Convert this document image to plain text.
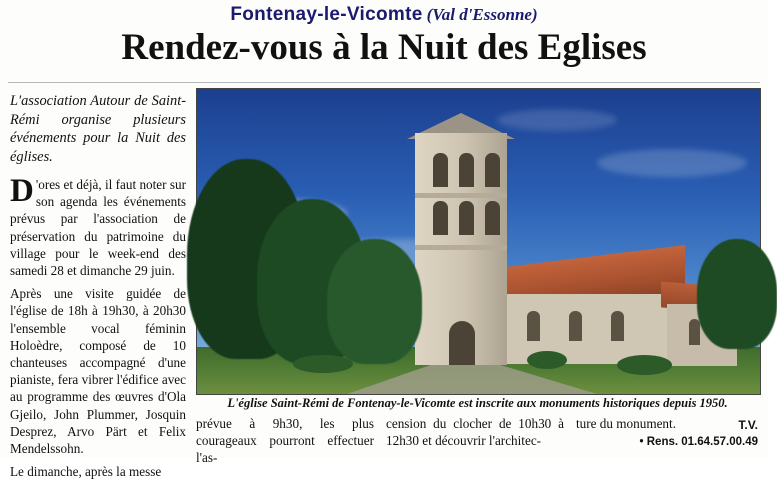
Fontenay-le-Vicomte (Val d'Essonne)
Rendez-vous à la Nuit des Eglises
L'association Autour de Saint-Rémi organise plusieurs événements pour la Nuit des églises.

D 'ores et déjà, il faut noter sur son agenda les événements prévus par l'association de préservation du patrimoine du village pour le week-end des samedi 28 et dimanche 29 juin.

Après une visite guidée de l'église de 18h à 19h30, à 20h30 l'ensemble vocal féminin Holoèdre, composé de 10 chanteuses accompagné d'une pianiste, fera vibrer l'édifice avec au programme des œuvres d'Ola Gjeilo, John Plummer, Josquin Desprez, Arvo Pärt et Felix Mendelssohn.

Le dimanche, après la messe

L'église Saint-Rémi de Fontenay-le-Vicomte est inscrite aux monuments historiques depuis 1950.
prévue à 9h30, les plus courageaux pourront effectuer l'as-
cension du clocher de 10h30 à 12h30 et découvrir l'architec-
ture du monument.	T.V.
• Rens. 01.64.57.00.49
